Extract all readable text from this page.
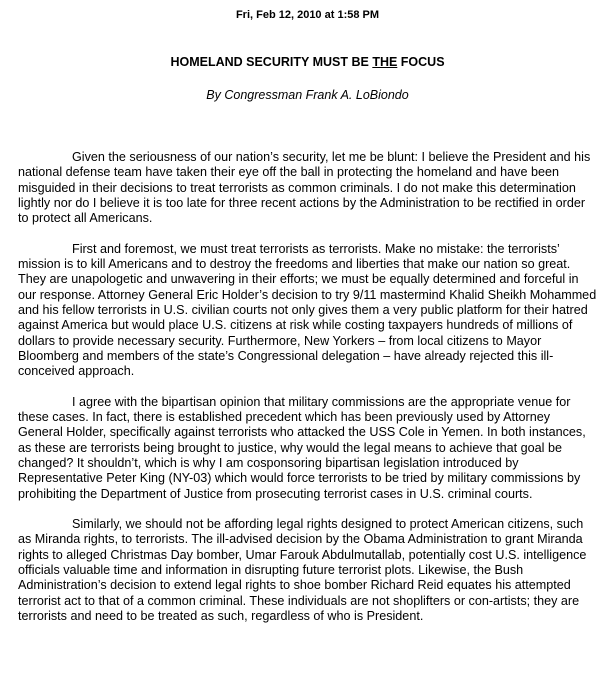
Fri, Feb 12, 2010 at 1:58 PM
HOMELAND SECURITY MUST BE THE FOCUS
By Congressman Frank A. LoBiondo

Given the seriousness of our nation’s security, let me be blunt: I believe the President and his national defense team have taken their eye off the ball in protecting the homeland and have been misguided in their decisions to treat terrorists as common criminals. I do not make this determination lightly nor do I believe it is too late for three recent actions by the Administration to be rectified in order to protect all Americans.

First and foremost, we must treat terrorists as terrorists. Make no mistake: the terrorists’ mission is to kill Americans and to destroy the freedoms and liberties that make our nation so great. They are unapologetic and unwavering in their efforts; we must be equally determined and forceful in our response. Attorney General Eric Holder’s decision to try 9/11 mastermind Khalid Sheikh Mohammed and his fellow terrorists in U.S. civilian courts not only gives them a very public platform for their hatred against America but would place U.S. citizens at risk while costing taxpayers hundreds of millions of dollars to provide necessary security. Furthermore, New Yorkers – from local citizens to Mayor Bloomberg and members of the state’s Congressional delegation – have already rejected this ill-conceived approach.

I agree with the bipartisan opinion that military commissions are the appropriate venue for these cases. In fact, there is established precedent which has been previously used by Attorney General Holder, specifically against terrorists who attacked the USS Cole in Yemen. In both instances, as these are terrorists being brought to justice, why would the legal means to achieve that goal be changed? It shouldn’t, which is why I am cosponsoring bipartisan legislation introduced by Representative Peter King (NY-03) which would force terrorists to be tried by military commissions by prohibiting the Department of Justice from prosecuting terrorist cases in U.S. criminal courts.

Similarly, we should not be affording legal rights designed to protect American citizens, such as Miranda rights, to terrorists. The ill-advised decision by the Obama Administration to grant Miranda rights to alleged Christmas Day bomber, Umar Farouk Abdulmutallab, potentially cost U.S. intelligence officials valuable time and information in disrupting future terrorist plots. Likewise, the Bush Administration’s decision to extend legal rights to shoe bomber Richard Reid equates his attempted terrorist act to that of a common criminal. These individuals are not shoplifters or con-artists; they are terrorists and need to be treated as such, regardless of who is President.
